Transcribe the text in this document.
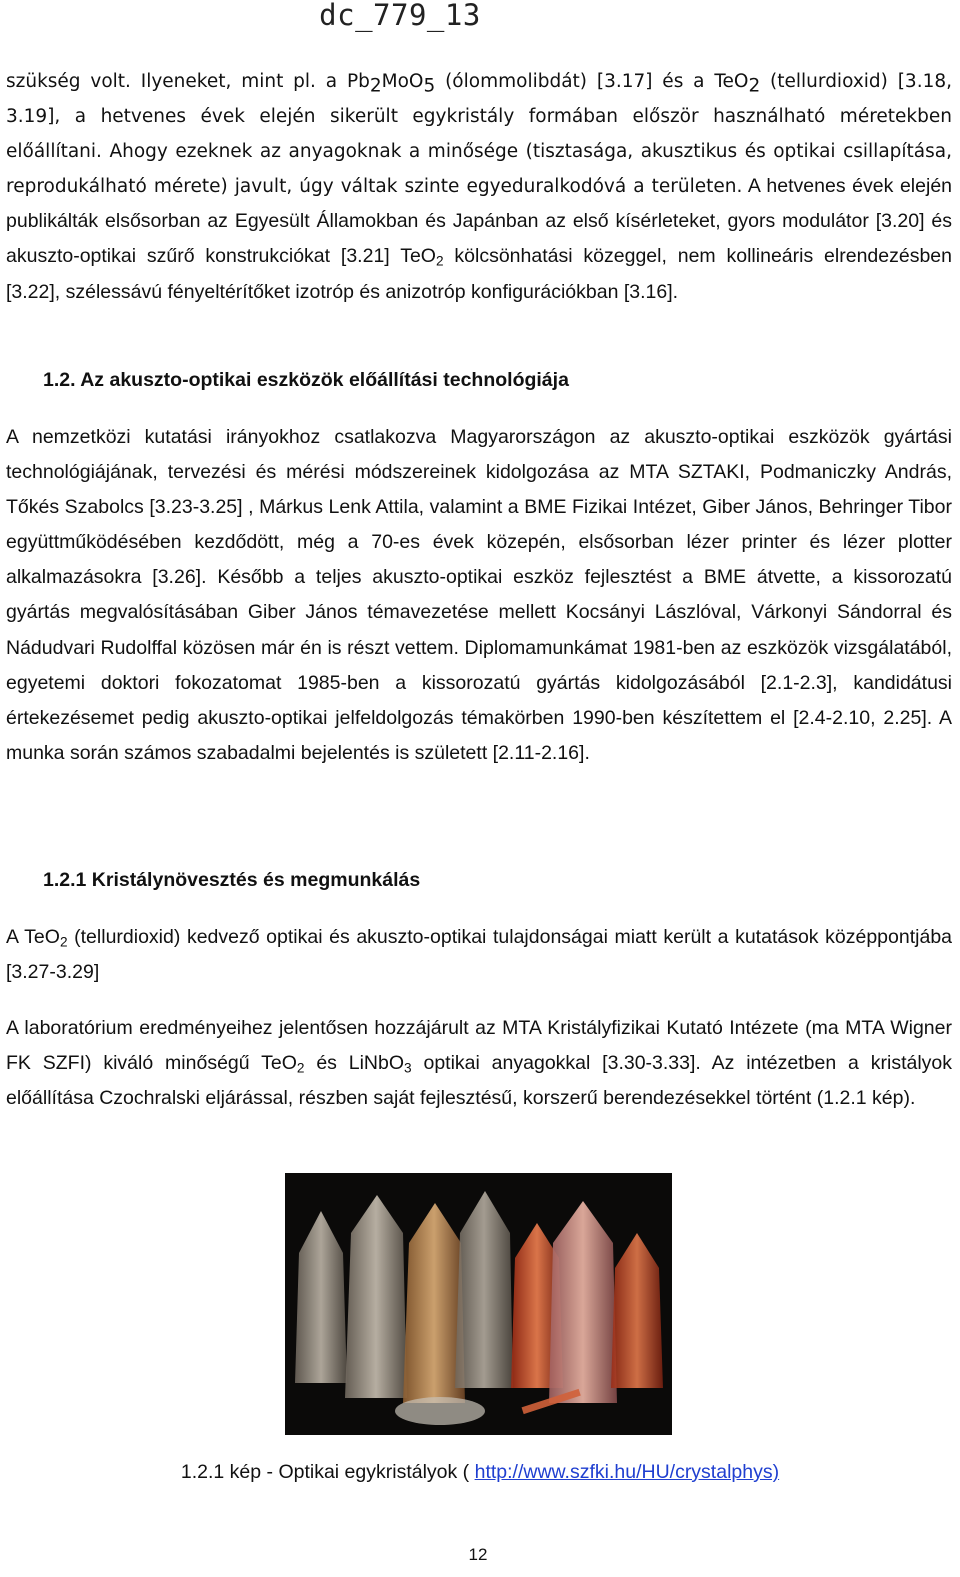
dc_779_13

szükség volt. Ilyeneket, mint pl. a $Pb_2MoO_5$ (ólommolibdát) [3.17] és a TeO$_2$ (tellurdioxid) [3.18, 3.19], a hetvenes évek elején sikerült egykristály formában először használható méretekben előállítani. Ahogy ezeknek az anyagoknak a minősége (tisztasága, akusztikus és optikai csillapítása, reprodukálható mérete) javult, úgy váltak szinte egyeduralkodóvá a területen. A hetvenes évek elején publikálták elsősorban az Egyesült Államokban és Japánban az első kísérleteket, gyors modulátor [3.20] és akuszto-optikai szűrő konstrukciókat [3.21] TeO$_2$ kölcsönhatási közeggel, nem kollineáris elrendezésben [3.22], szélessávú fényeltérítőket izotróp és anizotróp konfigurációkban [3.16].

1.2. Az akuszto-optikai eszközök előállítási technológiája

A nemzetközi kutatási irányokhoz csatlakozva Magyarországon az akuszto-optikai eszközök gyártási technológiájának, tervezési és mérési módszereinek kidolgozása az MTA SZTAKI, Podmaniczky András, Tőkés Szabolcs [3.23-3.25] , Márkus Lenk Attila, valamint a BME Fizikai Intézet, Giber János, Behringer Tibor együttműködésében kezdődött, még a 70-es évek közepén, elsősorban lézer printer és lézer plotter alkalmazásokra [3.26]. Később a teljes akuszto-optikai eszköz fejlesztést a BME átvette, a kissorozatú gyártás megvalósításában Giber János témavezetése mellett Kocsányi Lászlóval, Várkonyi Sándorral és Nádudvari Rudolffal közösen már én is részt vettem. Diplomamunkámat 1981-ben az eszközök vizsgálatából, egyetemi doktori fokozatomat 1985-ben a kissorozatú gyártás kidolgozásából [2.1-2.3], kandidátusi értekezésemet pedig akuszto-optikai jelfeldolgozás témakörben 1990-ben készítettem el [2.4-2.10, 2.25]. A munka során számos szabadalmi bejelentés is született [2.11-2.16].

1.2.1 Kristálynövesztés és megmunkálás

A TeO$_2$ (tellurdioxid) kedvező optikai és akuszto-optikai tulajdonságai miatt került a kutatások középpontjába [3.27-3.29]

A laboratórium eredményeihez jelentősen hozzájárult az MTA Kristályfizikai Kutató Intézete (ma MTA Wigner FK SZFI) kiváló minőségű TeO$_2$ és LiNbO$_3$ optikai anyagokkal [3.30-3.33]. Az intézetben a kristályok előállítása Czochralski eljárással, részben saját fejlesztésű, korszerű berendezésekkel történt (1.2.1 kép).

1.2.1 kép - Optikai egykristályok ( http://www.szfki.hu/HU/crystalphys)
12
